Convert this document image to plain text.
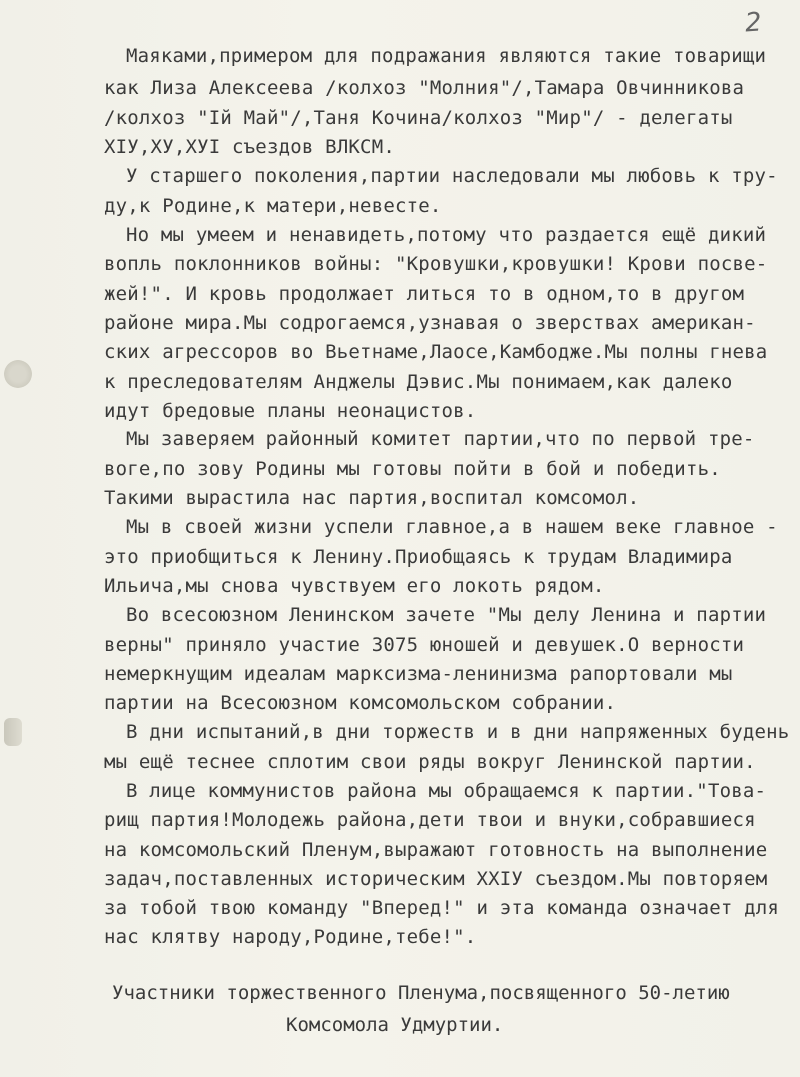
2
Маяками,примером для подражания являются такие товарищи
как Лиза Алексеева /колхоз "Молния"/,Тамара Овчинникова
/колхоз "Iй Май"/,Таня Кочина/колхоз "Мир"/ - делегаты
ХIУ,ХУ,ХУI съездов ВЛКСМ.
У старшего поколения,партии наследовали мы любовь к тру-
ду,к Родине,к матери,невесте.
Но мы умеем и ненавидеть,потому что раздается ещё дикий
вопль поклонников войны: "Кровушки,кровушки! Крови посве-
жей!". И кровь продолжает литься то в одном,то в другом
районе мира.Мы содрогаемся,узнавая о зверствах американ-
ских агрессоров во Вьетнаме,Лаосе,Камбодже.Мы полны гнева
к преследователям Анджелы Дэвис.Мы понимаем,как далеко
идут бредовые планы неонацистов.
Мы заверяем районный комитет партии,что по первой тре-
воге,по зову Родины мы готовы пойти в бой и победить.
Такими вырастила нас партия,воспитал комсомол.
Мы в своей жизни успели главное,а в нашем веке главное -
это приобщиться к Ленину.Приобщаясь к трудам Владимира
Ильича,мы снова чувствуем его локоть рядом.
Во всесоюзном Ленинском зачете "Мы делу Ленина и партии
верны" приняло участие 3075 юношей и девушек.О верности
немеркнущим идеалам марксизма-ленинизма рапортовали мы
партии на Всесоюзном комсомольском собрании.
В дни испытаний,в дни торжеств и в дни напряженных будень
мы ещё теснее сплотим свои ряды вокруг Ленинской партии.
В лице коммунистов района мы обращаемся к партии."Това-
рищ партия!Молодежь района,дети твои и внуки,собравшиеся
на комсомольский Пленум,выражают готовность на выполнение
задач,поставленных историческим ХХIУ съездом.Мы повторяем
за тобой твою команду "Вперед!" и эта команда означает для
нас клятву народу,Родине,тебе!".
Участники торжественного Пленума,посвященного 50-летию
Комсомола Удмуртии.
